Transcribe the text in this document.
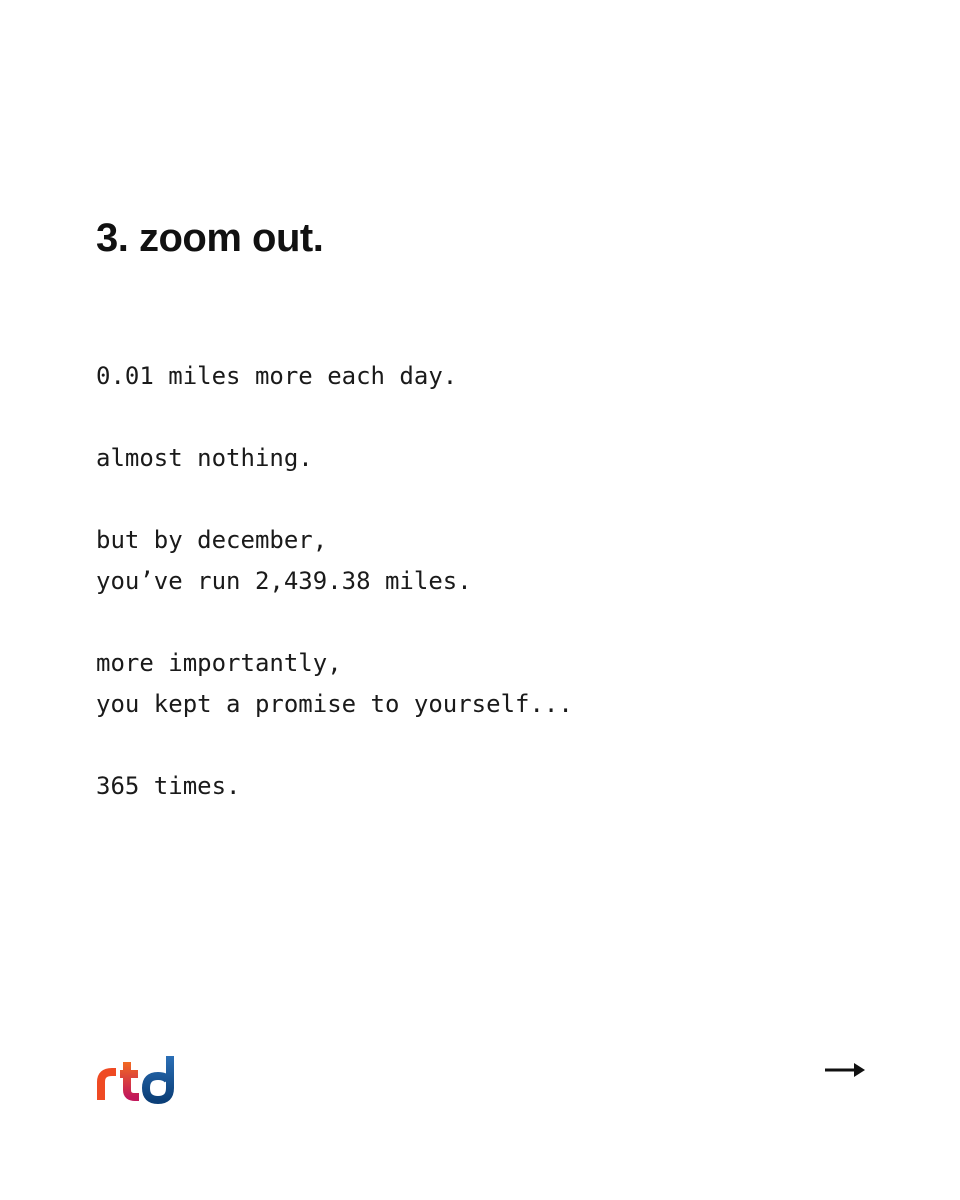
3. zoom out.
0.01 miles more each day.
almost nothing.
but by december,
you’ve run 2,439.38 miles.
more importantly,
you kept a promise to yourself...
365 times.
